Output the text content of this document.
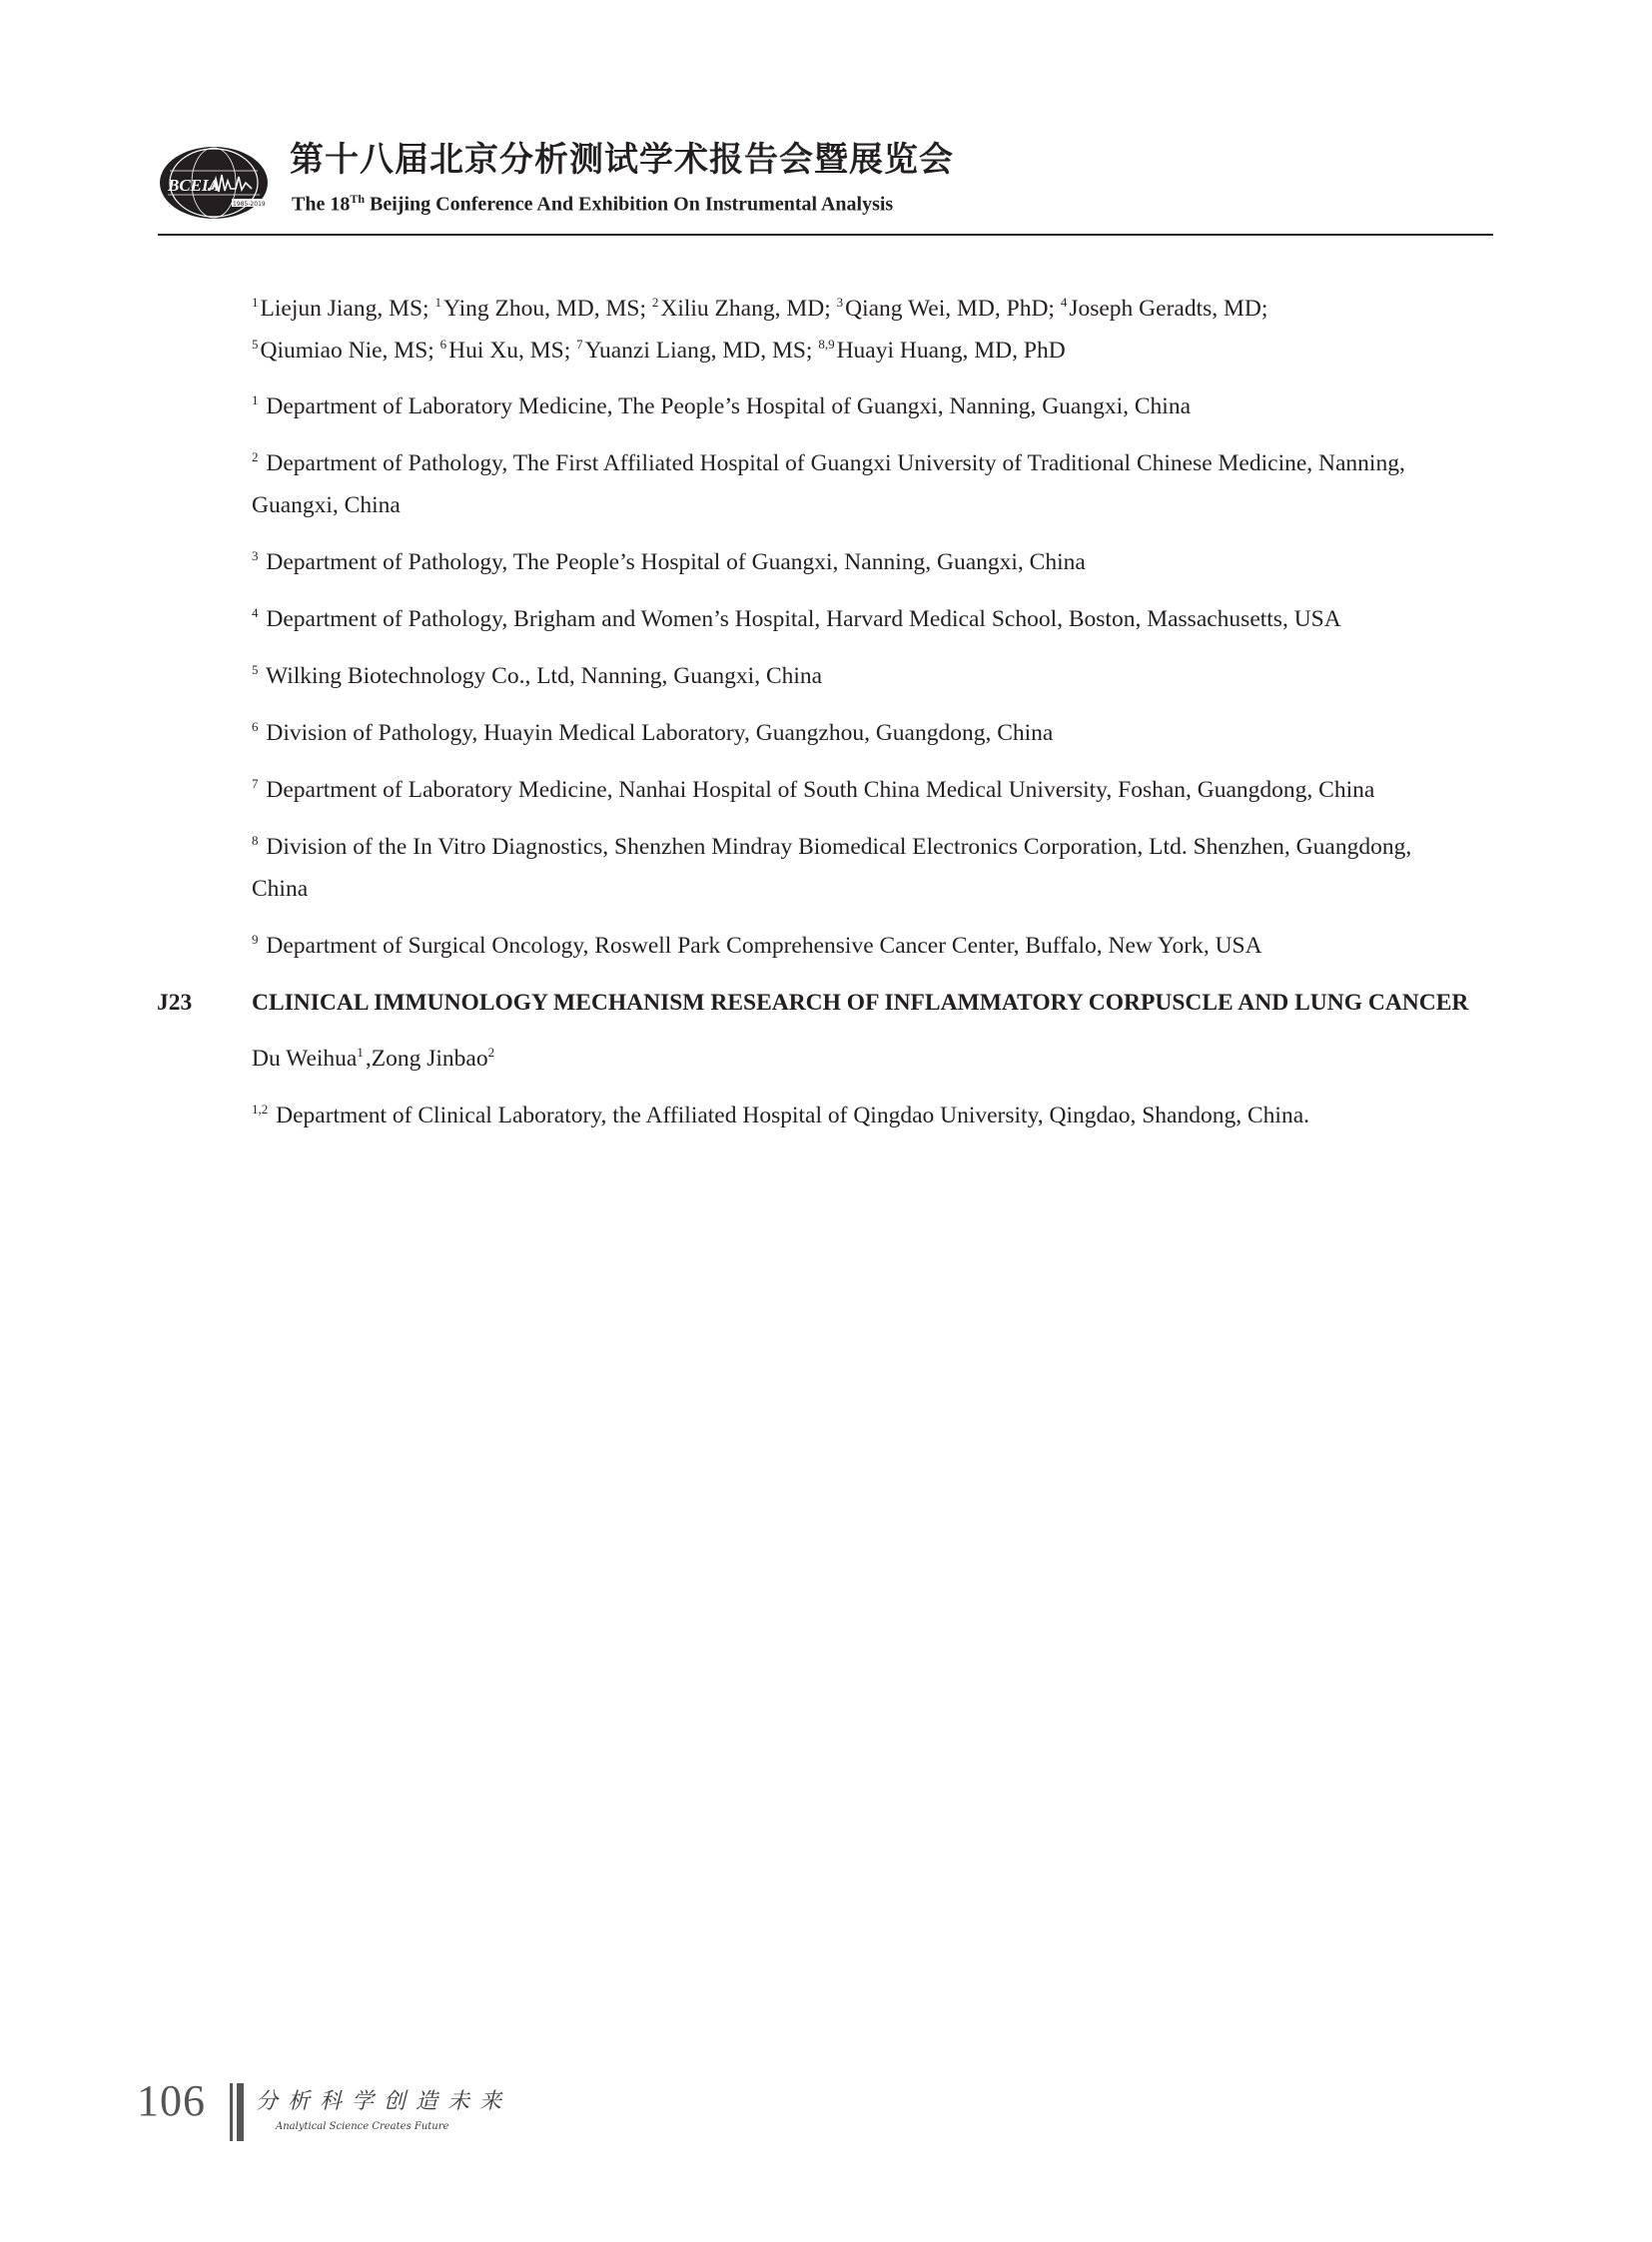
BCEIA
1985-2019
第十八届北京分析测试学术报告会暨展览会
The 18Th Beijing Conference And Exhibition On Instrumental Analysis

$^1$Liejun Jiang, MS; $^1$Ying Zhou, MD, MS; $^2$Xiliu Zhang, MD; $^3$Qiang Wei, MD, PhD; $^4$Joseph Geradts, MD;
$^5$Qiumiao Nie, MS; $^6$Hui Xu, MS; $^7$Yuanzi Liang, MD, MS; $^{8,9}$Huayi Huang, MD, PhD

$^1$ Department of Laboratory Medicine, The People’s Hospital of Guangxi, Nanning, Guangxi, China

$^2$ Department of Pathology, The First Affiliated Hospital of Guangxi University of Traditional Chinese Medicine, Nanning, Guangxi, China

$^3$ Department of Pathology, The People’s Hospital of Guangxi, Nanning, Guangxi, China

$^4$ Department of Pathology, Brigham and Women’s Hospital, Harvard Medical School, Boston, Massachusetts, USA

$^5$ Wilking Biotechnology Co., Ltd, Nanning, Guangxi, China

$^6$ Division of Pathology, Huayin Medical Laboratory, Guangzhou, Guangdong, China

$^7$ Department of Laboratory Medicine, Nanhai Hospital of South China Medical University, Foshan, Guangdong, China

$^8$ Division of the In Vitro Diagnostics, Shenzhen Mindray Biomedical Electronics Corporation, Ltd. Shenzhen, Guangdong, China

$^9$ Department of Surgical Oncology, Roswell Park Comprehensive Cancer Center, Buffalo, New York, USA

J23	CLINICAL IMMUNOLOGY MECHANISM RESEARCH OF INFLAMMATORY CORPUSCLE AND LUNG CANCER

Du Weihua$^1$,Zong Jinbao$^2$

$^{1,2}$ Department of Clinical Laboratory, the Affiliated Hospital of Qingdao University, Qingdao, Shandong, China.

106 分析科学创造未来
Analytical Science Creates Future
